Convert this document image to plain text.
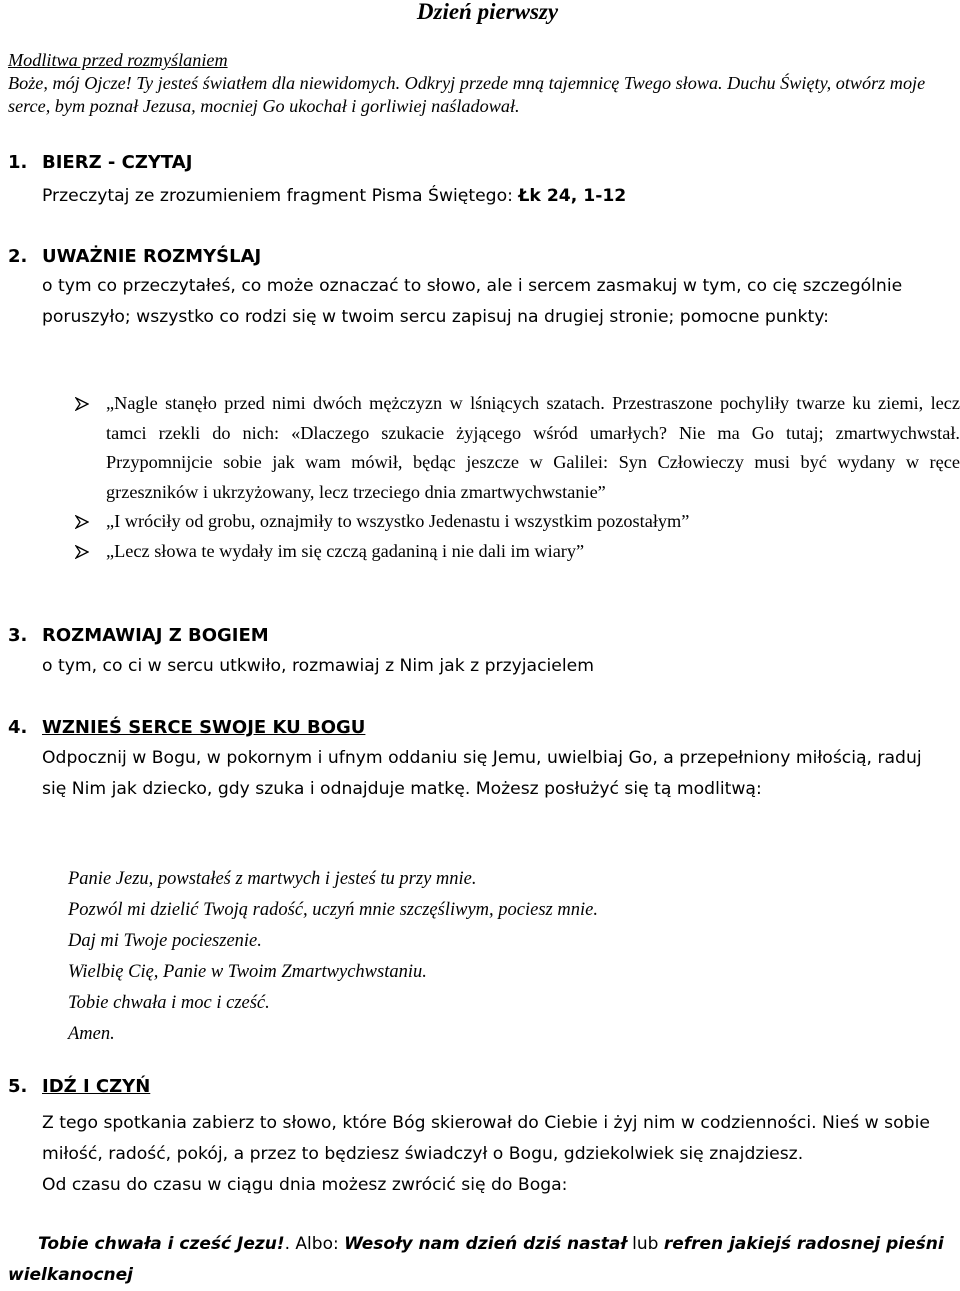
Dzień pierwszy
Modlitwa przed rozmyślaniem
Boże, mój Ojcze! Ty jesteś światłem dla niewidomych. Odkryj przede mną tajemnicę Twego słowa. Duchu Święty, otwórz moje serce, bym poznał Jezusa, mocniej Go ukochał i gorliwiej naśladował.
1. BIERZ - CZYTAJ
Przeczytaj ze zrozumieniem fragment Pisma Świętego: Łk 24, 1-12
2. UWAŻNIE ROZMYŚLAJ
o tym co przeczytałeś, co może oznaczać to słowo, ale i sercem zasmakuj w tym, co cię szczególnie poruszyło; wszystko co rodzi się w twoim sercu zapisuj na drugiej stronie; pomocne punkty:
„Nagle stanęło przed nimi dwóch mężczyzn w lśniących szatach. Przestraszone pochyliły twarze ku ziemi, lecz tamci rzekli do nich: «Dlaczego szukacie żyjącego wśród umarłych? Nie ma Go tutaj; zmartwychwstał. Przypomnijcie sobie jak wam mówił, będąc jeszcze w Galilei: Syn Człowieczy musi być wydany w ręce grzeszników i ukrzyżowany, lecz trzeciego dnia zmartwychwstanie”
„I wróciły od grobu, oznajmiły to wszystko Jedenastu i wszystkim pozostałym”
„Lecz słowa te wydały im się czczą gadaniną i nie dali im wiary”
3. ROZMAWIAJ Z BOGIEM
o tym, co ci w sercu utkwiło, rozmawiaj z Nim jak z przyjacielem
4. WZNIEŚ SERCE SWOJE KU BOGU
Odpocznij w Bogu, w pokornym i ufnym oddaniu się Jemu, uwielbiaj Go, a przepełniony miłością, raduj się Nim jak dziecko, gdy szuka i odnajduje matkę. Możesz posłużyć się tą modlitwą:
Panie Jezu, powstałeś z martwych i jesteś tu przy mnie.
Pozwól mi dzielić Twoją radość, uczyń mnie szczęśliwym, pociesz mnie.
Daj mi Twoje pocieszenie.
Wielbię Cię, Panie w Twoim Zmartwychwstaniu.
Tobie chwała i moc i cześć.
Amen.
5. IDŹ I CZYŃ
Z tego spotkania zabierz to słowo, które Bóg skierował do Ciebie i żyj nim w codzienności. Nieś w sobie miłość, radość, pokój, a przez to będziesz świadczył o Bogu, gdziekolwiek się znajdziesz.
Od czasu do czasu w ciągu dnia możesz zwrócić się do Boga:
Tobie chwała i cześć Jezu!. Albo: Wesoły nam dzień dziś nastał lub refren jakiejś radosnej pieśni wielkanocnej
